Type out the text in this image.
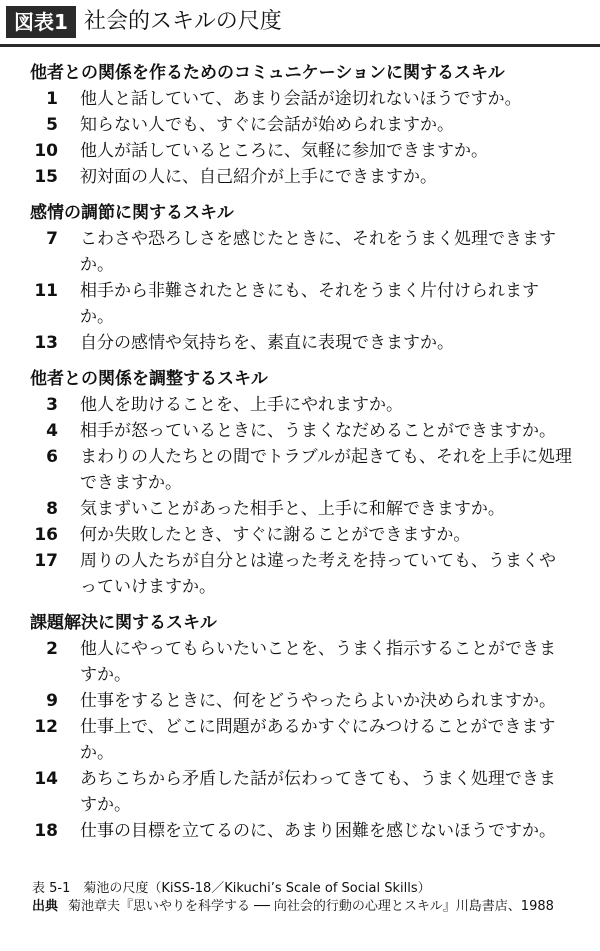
図表1 社会的スキルの尺度
他者との関係を作るためのコミュニケーションに関するスキル
1 他人と話していて、あまり会話が途切れないほうですか。
5 知らない人でも、すぐに会話が始められますか。
10 他人が話しているところに、気軽に参加できますか。
15 初対面の人に、自己紹介が上手にできますか。
感情の調節に関するスキル
7 こわさや恐ろしさを感じたときに、それをうまく処理できますか。
11 相手から非難されたときにも、それをうまく片付けられますか。
13 自分の感情や気持ちを、素直に表現できますか。
他者との関係を調整するスキル
3 他人を助けることを、上手にやれますか。
4 相手が怒っているときに、うまくなだめることができますか。
6 まわりの人たちとの間でトラブルが起きても、それを上手に処理できますか。
8 気まずいことがあった相手と、上手に和解できますか。
16 何か失敗したとき、すぐに謝ることができますか。
17 周りの人たちが自分とは違った考えを持っていても、うまくやっていけますか。
課題解決に関するスキル
2 他人にやってもらいたいことを、うまく指示することができますか。
9 仕事をするときに、何をどうやったらよいか決められますか。
12 仕事上で、どこに問題があるかすぐにみつけることができますか。
14 あちこちから矛盾した話が伝わってきても、うまく処理できますか。
18 仕事の目標を立てるのに、あまり困難を感じないほうですか。
表 5-1　菊池の尺度（KiSS-18／Kikuchi’s Scale of Social Skills）
出典 菊池章夫『思いやりを科学する ── 向社会的行動の心理とスキル』川島書店、1988
